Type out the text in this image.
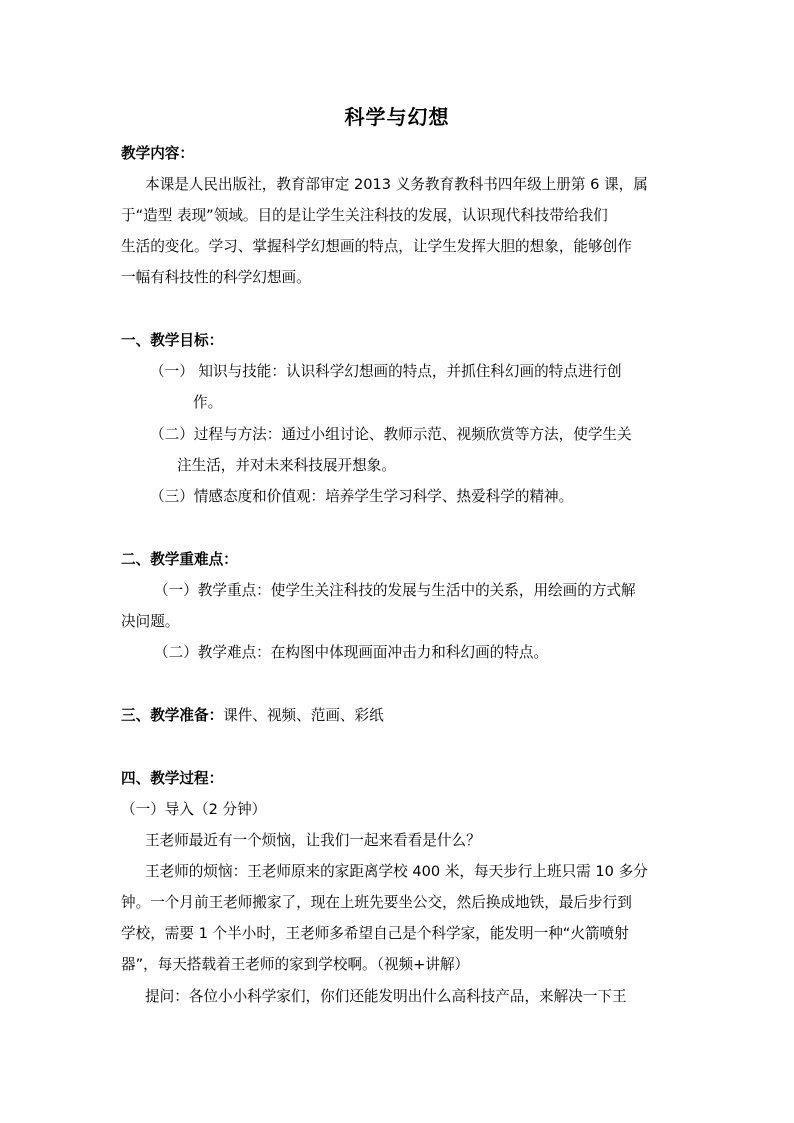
科学与幻想
教学内容：
本课是人民出版社，教育部审定 2013 义务教育教科书四年级上册第 6 课，属
于“造型 表现”领域。目的是让学生关注科技的发展，认识现代科技带给我们
生活的变化。学习、掌握科学幻想画的特点，让学生发挥大胆的想象，能够创作
一幅有科技性的科学幻想画。
一、教学目标：
（一） 知识与技能：认识科学幻想画的特点，并抓住科幻画的特点进行创
作。
（二）过程与方法：通过小组讨论、教师示范、视频欣赏等方法，使学生关
注生活，并对未来科技展开想象。
（三）情感态度和价值观：培养学生学习科学、热爱科学的精神。
二、教学重难点：
（一）教学重点：使学生关注科技的发展与生活中的关系，用绘画的方式解
决问题。
（二）教学难点：在构图中体现画面冲击力和科幻画的特点。
三、教学准备：课件、视频、范画、彩纸
四、教学过程：
（一）导入（2 分钟）
王老师最近有一个烦恼，让我们一起来看看是什么？
王老师的烦恼：王老师原来的家距离学校 400 米，每天步行上班只需 10 多分
钟。一个月前王老师搬家了，现在上班先要坐公交，然后换成地铁，最后步行到
学校，需要 1 个半小时，王老师多希望自己是个科学家，能发明一种“火箭喷射
器”，每天搭载着王老师的家到学校啊。（视频+讲解）
提问：各位小小科学家们，你们还能发明出什么高科技产品，来解决一下王
